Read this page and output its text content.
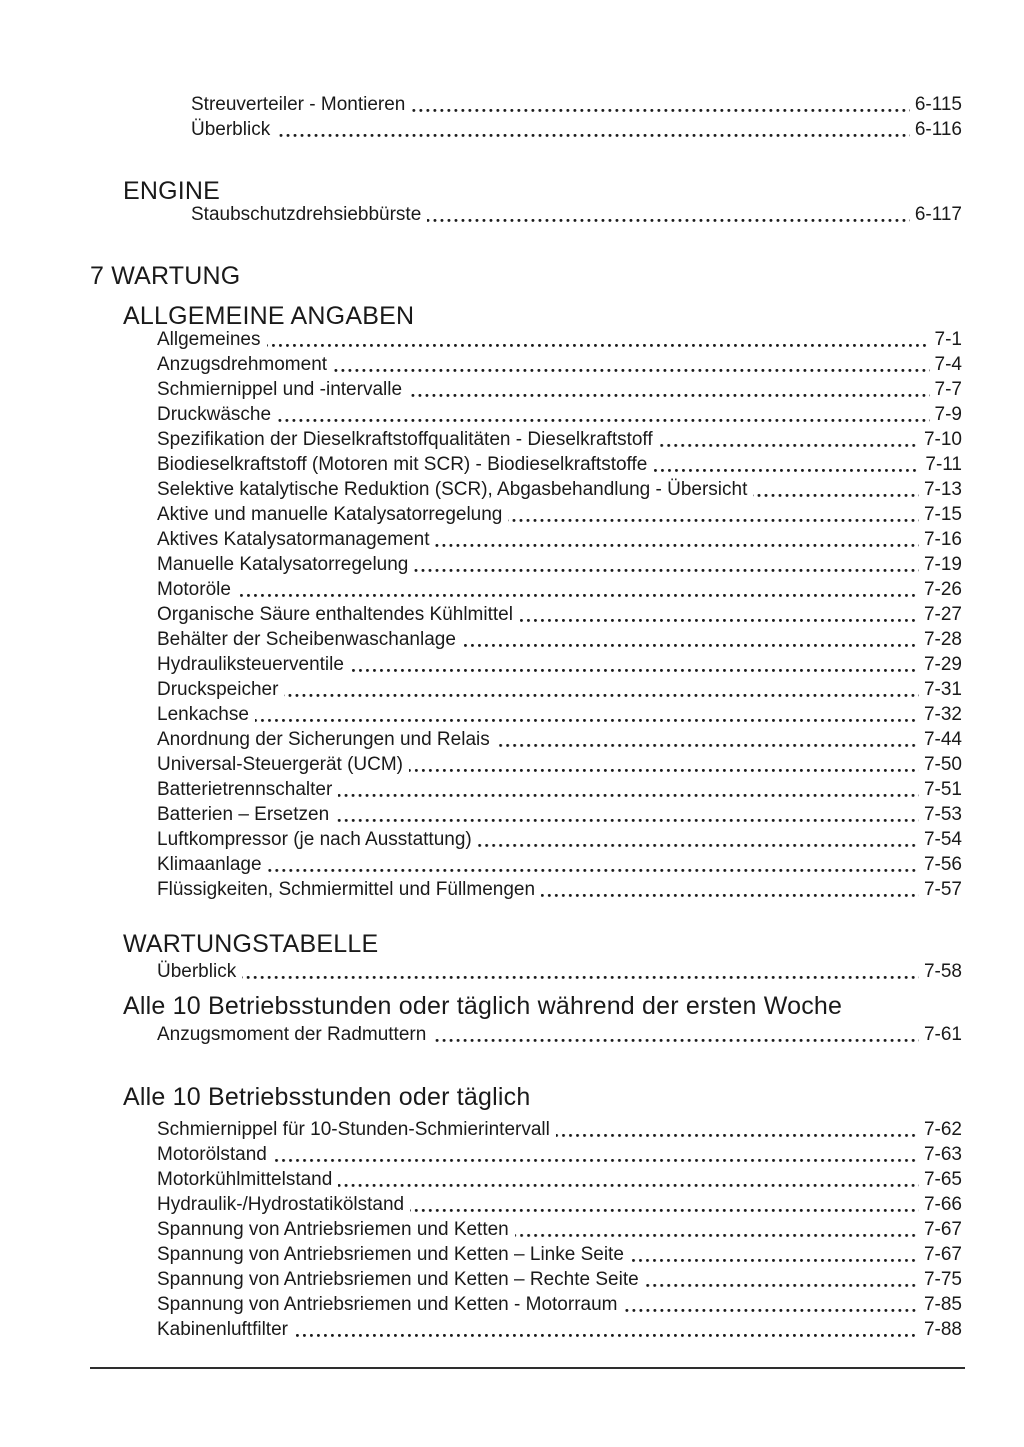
Streuverteiler - Montieren	6-115
Überblick	6-116
ENGINE
Staubschutzdrehsiebbürste	6-117
7 WARTUNG
ALLGEMEINE ANGABEN
Allgemeines	7-1
Anzugsdrehmoment	7-4
Schmiernippel und -intervalle	7-7
Druckwäsche	7-9
Spezifikation der Dieselkraftstoffqualitäten - Dieselkraftstoff	7-10
Biodieselkraftstoff (Motoren mit SCR) - Biodieselkraftstoffe	7-11
Selektive katalytische Reduktion (SCR), Abgasbehandlung - Übersicht	7-13
Aktive und manuelle Katalysatorregelung	7-15
Aktives Katalysatormanagement	7-16
Manuelle Katalysatorregelung	7-19
Motoröle	7-26
Organische Säure enthaltendes Kühlmittel	7-27
Behälter der Scheibenwaschanlage	7-28
Hydrauliksteuerventile	7-29
Druckspeicher	7-31
Lenkachse	7-32
Anordnung der Sicherungen und Relais	7-44
Universal-Steuergerät (UCM)	7-50
Batterietrennschalter	7-51
Batterien – Ersetzen	7-53
Luftkompressor (je nach Ausstattung)	7-54
Klimaanlage	7-56
Flüssigkeiten, Schmiermittel und Füllmengen	7-57
WARTUNGSTABELLE
Überblick	7-58
Alle 10 Betriebsstunden oder täglich während der ersten Woche
Anzugsmoment der Radmuttern	7-61
Alle 10 Betriebsstunden oder täglich
Schmiernippel für 10-Stunden-Schmierintervall	7-62
Motorölstand	7-63
Motorkühlmittelstand	7-65
Hydraulik-/Hydrostatikölstand	7-66
Spannung von Antriebsriemen und Ketten	7-67
Spannung von Antriebsriemen und Ketten – Linke Seite	7-67
Spannung von Antriebsriemen und Ketten – Rechte Seite	7-75
Spannung von Antriebsriemen und Ketten - Motorraum	7-85
Kabinenluftfilter	7-88
